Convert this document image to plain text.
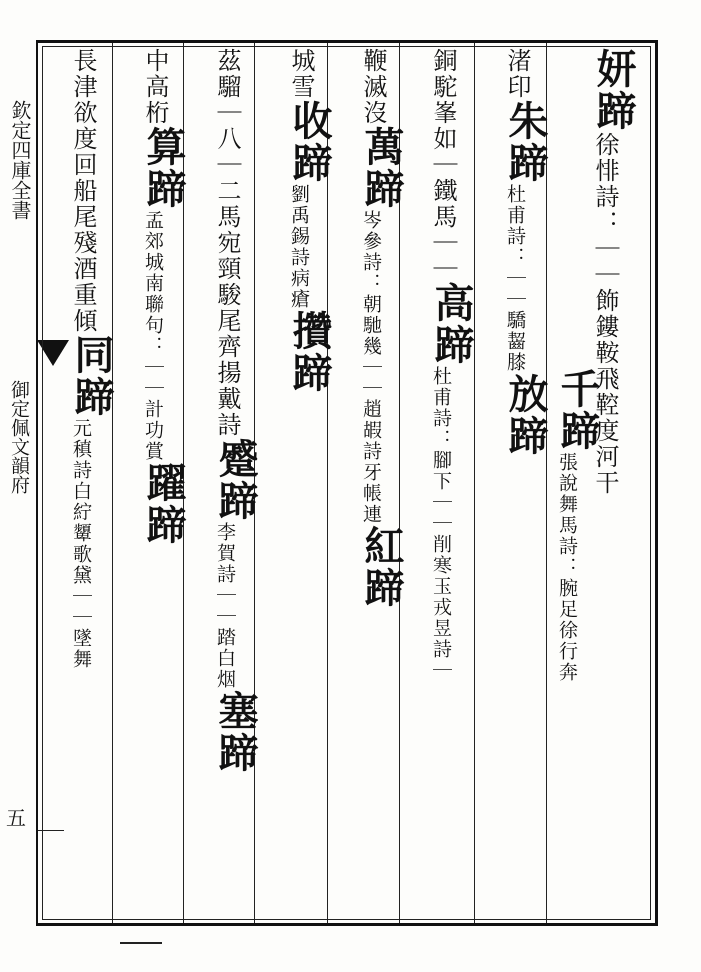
欽定四庫全書
御定佩文韻府
五
妍蹄
徐悱詩：｜｜飾鏤
鞍飛鞚度河干
千蹄
張說舞馬詩：腕足徐行奔
渚印
朱蹄
杜甫詩：｜｜驕齧膝
放蹄
銅駝峯如｜鐵馬｜｜
高蹄
杜甫詩：腳下｜｜削寒玉戎昱詩｜
鞭滅沒
萬蹄
岑參詩：朝馳幾｜｜趙嘏詩牙帳連
紅蹄
城雪
收蹄
劉禹錫詩病瘡
攢蹄
茲騮｜八｜二馬宛頸駿尾齊揚戴詩
蹙蹄
李賀詩｜｜踏白烟
塞蹄
中高桁
算蹄
孟郊城南聯句：｜｜計功賞
躍蹄
長津欲度回船尾殘酒重傾
同蹄
元稹詩白紵顰歌黛｜｜墜舞
